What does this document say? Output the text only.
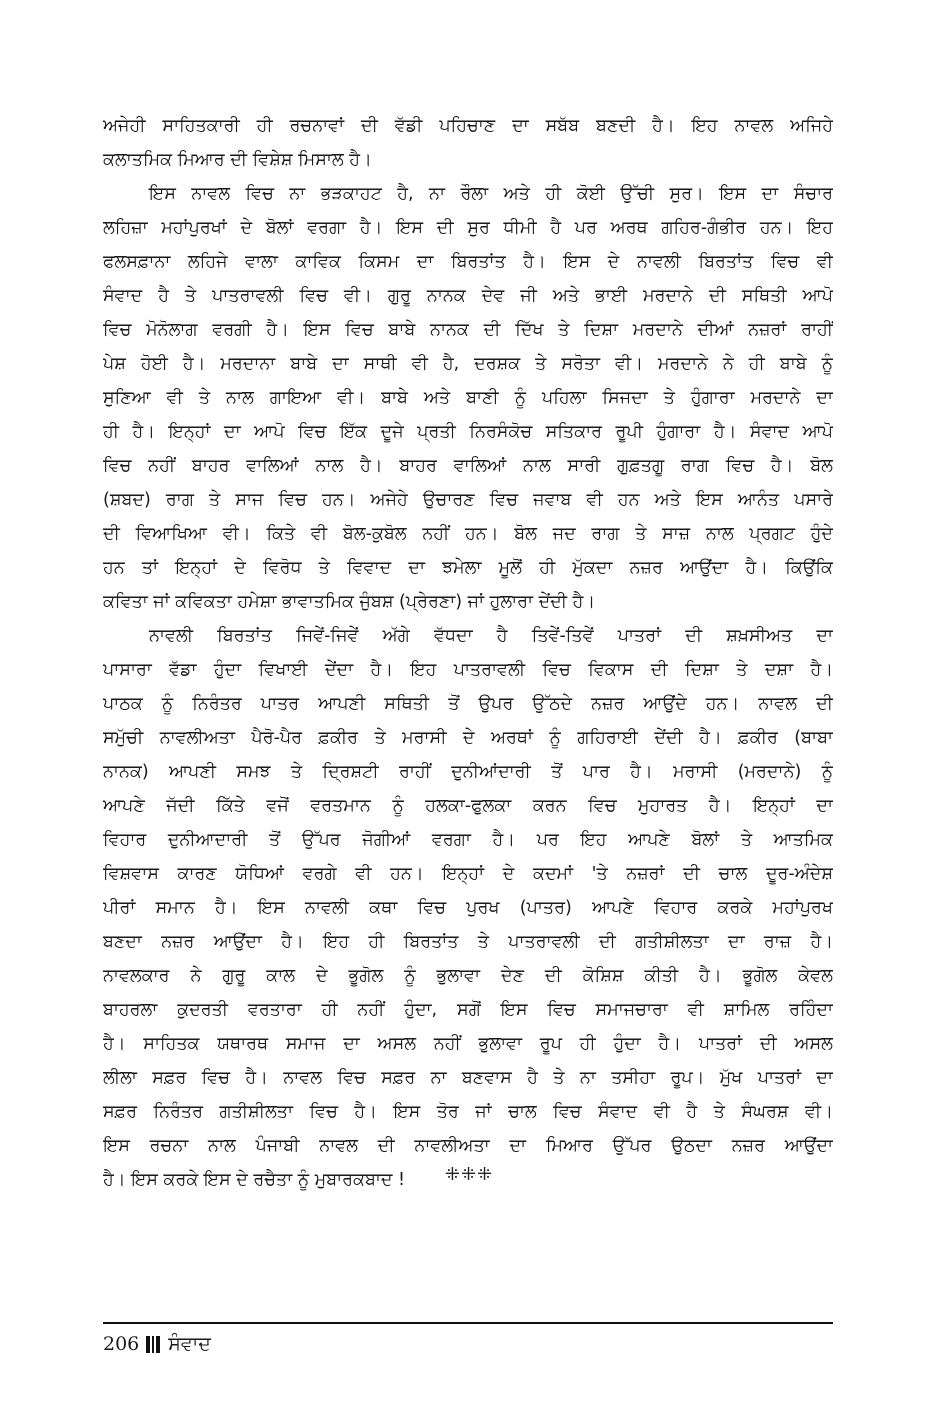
ਅਜੇਹੀ ਸਾਹਿਤਕਾਰੀ ਹੀ ਰਚਨਾਵਾਂ ਦੀ ਵੱਡੀ ਪਹਿਚਾਣ ਦਾ ਸਬੱਬ ਬਣਦੀ ਹੈ। ਇਹ ਨਾਵਲ ਅਜਿਹੇ
ਕਲਾਤਮਿਕ ਮਿਆਰ ਦੀ ਵਿਸ਼ੇਸ਼ ਮਿਸਾਲ ਹੈ।
ਇਸ ਨਾਵਲ ਵਿਚ ਨਾ ਭੜਕਾਹਟ ਹੈ, ਨਾ ਰੌਲਾ ਅਤੇ ਹੀ ਕੋਈ ਉੱਚੀ ਸੁਰ। ਇਸ ਦਾ ਸੰਚਾਰ
ਲਹਿਜ਼ਾ ਮਹਾਂਪੁਰਖਾਂ ਦੇ ਬੋਲਾਂ ਵਰਗਾ ਹੈ। ਇਸ ਦੀ ਸੁਰ ਧੀਮੀ ਹੈ ਪਰ ਅਰਥ ਗਹਿਰ-ਗੰਭੀਰ ਹਨ। ਇਹ
ਫਲਸਫ਼ਾਨਾ ਲਹਿਜੇ ਵਾਲਾ ਕਾਵਿਕ ਕਿਸਮ ਦਾ ਬਿਰਤਾਂਤ ਹੈ। ਇਸ ਦੇ ਨਾਵਲੀ ਬਿਰਤਾਂਤ ਵਿਚ ਵੀ
ਸੰਵਾਦ ਹੈ ਤੇ ਪਾਤਰਾਵਲੀ ਵਿਚ ਵੀ। ਗੁਰੂ ਨਾਨਕ ਦੇਵ ਜੀ ਅਤੇ ਭਾਈ ਮਰਦਾਨੇ ਦੀ ਸਥਿਤੀ ਆਪੋ
ਵਿਚ ਮੋਨੋਲਾਗ ਵਰਗੀ ਹੈ। ਇਸ ਵਿਚ ਬਾਬੇ ਨਾਨਕ ਦੀ ਦਿੱਖ ਤੇ ਦਿਸ਼ਾ ਮਰਦਾਨੇ ਦੀਆਂ ਨਜ਼ਰਾਂ ਰਾਹੀਂ
ਪੇਸ਼ ਹੋਈ ਹੈ। ਮਰਦਾਨਾ ਬਾਬੇ ਦਾ ਸਾਥੀ ਵੀ ਹੈ, ਦਰਸ਼ਕ ਤੇ ਸਰੋਤਾ ਵੀ। ਮਰਦਾਨੇ ਨੇ ਹੀ ਬਾਬੇ ਨੂੰ
ਸੁਣਿਆ ਵੀ ਤੇ ਨਾਲ ਗਾਇਆ ਵੀ। ਬਾਬੇ ਅਤੇ ਬਾਣੀ ਨੂੰ ਪਹਿਲਾ ਸਿਜਦਾ ਤੇ ਹੁੰਗਾਰਾ ਮਰਦਾਨੇ ਦਾ
ਹੀ ਹੈ। ਇਨ੍ਹਾਂ ਦਾ ਆਪੋ ਵਿਚ ਇੱਕ ਦੂਜੇ ਪ੍ਰਤੀ ਨਿਰਸੰਕੋਚ ਸਤਿਕਾਰ ਰੂਪੀ ਹੁੰਗਾਰਾ ਹੈ। ਸੰਵਾਦ ਆਪੋ
ਵਿਚ ਨਹੀਂ ਬਾਹਰ ਵਾਲਿਆਂ ਨਾਲ ਹੈ। ਬਾਹਰ ਵਾਲਿਆਂ ਨਾਲ ਸਾਰੀ ਗੁਫ਼ਤਗੂ ਰਾਗ ਵਿਚ ਹੈ। ਬੋਲ
(ਸ਼ਬਦ) ਰਾਗ ਤੇ ਸਾਜ ਵਿਚ ਹਨ। ਅਜੇਹੇ ਉਚਾਰਣ ਵਿਚ ਜਵਾਬ ਵੀ ਹਨ ਅਤੇ ਇਸ ਆਨੰਤ ਪਸਾਰੇ
ਦੀ ਵਿਆਖਿਆ ਵੀ। ਕਿਤੇ ਵੀ ਬੋਲ-ਕੁਬੋਲ ਨਹੀਂ ਹਨ। ਬੋਲ ਜਦ ਰਾਗ ਤੇ ਸਾਜ਼ ਨਾਲ ਪ੍ਰਗਟ ਹੁੰਦੇ
ਹਨ ਤਾਂ ਇਨ੍ਹਾਂ ਦੇ ਵਿਰੋਧ ਤੇ ਵਿਵਾਦ ਦਾ ਝਮੇਲਾ ਮੂਲੋਂ ਹੀ ਮੁੱਕਦਾ ਨਜ਼ਰ ਆਉਂਦਾ ਹੈ। ਕਿਉਂਕਿ
ਕਵਿਤਾ ਜਾਂ ਕਵਿਕਤਾ ਹਮੇਸ਼ਾ ਭਾਵਾਤਮਿਕ ਜੁੰਬਸ਼ (ਪ੍ਰੇਰਣਾ) ਜਾਂ ਹੁਲਾਰਾ ਦੇਂਦੀ ਹੈ।
ਨਾਵਲੀ ਬਿਰਤਾਂਤ ਜਿਵੇਂ-ਜਿਵੇਂ ਅੱਗੇ ਵੱਧਦਾ ਹੈ ਤਿਵੇਂ-ਤਿਵੇਂ ਪਾਤਰਾਂ ਦੀ ਸ਼ਖ਼ਸੀਅਤ ਦਾ
ਪਾਸਾਰਾ ਵੱਡਾ ਹੁੰਦਾ ਵਿਖਾਈ ਦੇਂਦਾ ਹੈ। ਇਹ ਪਾਤਰਾਵਲੀ ਵਿਚ ਵਿਕਾਸ ਦੀ ਦਿਸ਼ਾ ਤੇ ਦਸ਼ਾ ਹੈ।
ਪਾਠਕ ਨੂੰ ਨਿਰੰਤਰ ਪਾਤਰ ਆਪਣੀ ਸਥਿਤੀ ਤੋਂ ਉਪਰ ਉੱਠਦੇ ਨਜ਼ਰ ਆਉਂਦੇ ਹਨ। ਨਾਵਲ ਦੀ
ਸਮੁੱਚੀ ਨਾਵਲੀਅਤਾ ਪੈਰੋ-ਪੈਰ ਫ਼ਕੀਰ ਤੇ ਮਰਾਸੀ ਦੇ ਅਰਥਾਂ ਨੂੰ ਗਹਿਰਾਈ ਦੇਂਦੀ ਹੈ। ਫ਼ਕੀਰ (ਬਾਬਾ
ਨਾਨਕ) ਆਪਣੀ ਸਮਝ ਤੇ ਦ੍ਰਿਸ਼ਟੀ ਰਾਹੀਂ ਦੁਨੀਆਂਦਾਰੀ ਤੋਂ ਪਾਰ ਹੈ। ਮਰਾਸੀ (ਮਰਦਾਨੇ) ਨੂੰ
ਆਪਣੇ ਜੱਦੀ ਕਿੱਤੇ ਵਜੋਂ ਵਰਤਮਾਨ ਨੂੰ ਹਲਕਾ-ਫੁਲਕਾ ਕਰਨ ਵਿਚ ਮੁਹਾਰਤ ਹੈ। ਇਨ੍ਹਾਂ ਦਾ
ਵਿਹਾਰ ਦੁਨੀਆਦਾਰੀ ਤੋਂ ਉੱਪਰ ਜੋਗੀਆਂ ਵਰਗਾ ਹੈ। ਪਰ ਇਹ ਆਪਣੇ ਬੋਲਾਂ ਤੇ ਆਤਮਿਕ
ਵਿਸ਼ਵਾਸ ਕਾਰਣ ਯੋਧਿਆਂ ਵਰਗੇ ਵੀ ਹਨ। ਇਨ੍ਹਾਂ ਦੇ ਕਦਮਾਂ 'ਤੇ ਨਜ਼ਰਾਂ ਦੀ ਚਾਲ ਦੂਰ-ਅੰਦੇਸ਼
ਪੀਰਾਂ ਸਮਾਨ ਹੈ। ਇਸ ਨਾਵਲੀ ਕਥਾ ਵਿਚ ਪੁਰਖ (ਪਾਤਰ) ਆਪਣੇ ਵਿਹਾਰ ਕਰਕੇ ਮਹਾਂਪੁਰਖ
ਬਣਦਾ ਨਜ਼ਰ ਆਉਂਦਾ ਹੈ। ਇਹ ਹੀ ਬਿਰਤਾਂਤ ਤੇ ਪਾਤਰਾਵਲੀ ਦੀ ਗਤੀਸ਼ੀਲਤਾ ਦਾ ਰਾਜ਼ ਹੈ।
ਨਾਵਲਕਾਰ ਨੇ ਗੁਰੂ ਕਾਲ ਦੇ ਭੂਗੋਲ ਨੂੰ ਭੁਲਾਵਾ ਦੇਣ ਦੀ ਕੋਸ਼ਿਸ਼ ਕੀਤੀ ਹੈ। ਭੂਗੋਲ ਕੇਵਲ
ਬਾਹਰਲਾ ਕੁਦਰਤੀ ਵਰਤਾਰਾ ਹੀ ਨਹੀਂ ਹੁੰਦਾ, ਸਗੋਂ ਇਸ ਵਿਚ ਸਮਾਜਚਾਰਾ ਵੀ ਸ਼ਾਮਿਲ ਰਹਿੰਦਾ
ਹੈ। ਸਾਹਿਤਕ ਯਥਾਰਥ ਸਮਾਜ ਦਾ ਅਸਲ ਨਹੀਂ ਭੁਲਾਵਾ ਰੂਪ ਹੀ ਹੁੰਦਾ ਹੈ। ਪਾਤਰਾਂ ਦੀ ਅਸਲ
ਲੀਲਾ ਸਫ਼ਰ ਵਿਚ ਹੈ। ਨਾਵਲ ਵਿਚ ਸਫ਼ਰ ਨਾ ਬਣਵਾਸ ਹੈ ਤੇ ਨਾ ਤਸੀਹਾ ਰੂਪ। ਮੁੱਖ ਪਾਤਰਾਂ ਦਾ
ਸਫ਼ਰ ਨਿਰੰਤਰ ਗਤੀਸ਼ੀਲਤਾ ਵਿਚ ਹੈ। ਇਸ ਤੋਰ ਜਾਂ ਚਾਲ ਵਿਚ ਸੰਵਾਦ ਵੀ ਹੈ ਤੇ ਸੰਘਰਸ਼ ਵੀ।
ਇਸ ਰਚਨਾ ਨਾਲ ਪੰਜਾਬੀ ਨਾਵਲ ਦੀ ਨਾਵਲੀਅਤਾ ਦਾ ਮਿਆਰ ਉੱਪਰ ਉਠਦਾ ਨਜ਼ਰ ਆਉਂਦਾ
ਹੈ। ਇਸ ਕਰਕੇ ਇਸ ਦੇ ਰਚੈਤਾ ਨੂੰ ਮੁਬਾਰਕਬਾਦ !	⁜⁜⁜
206 ਸੰਵਾਦ
